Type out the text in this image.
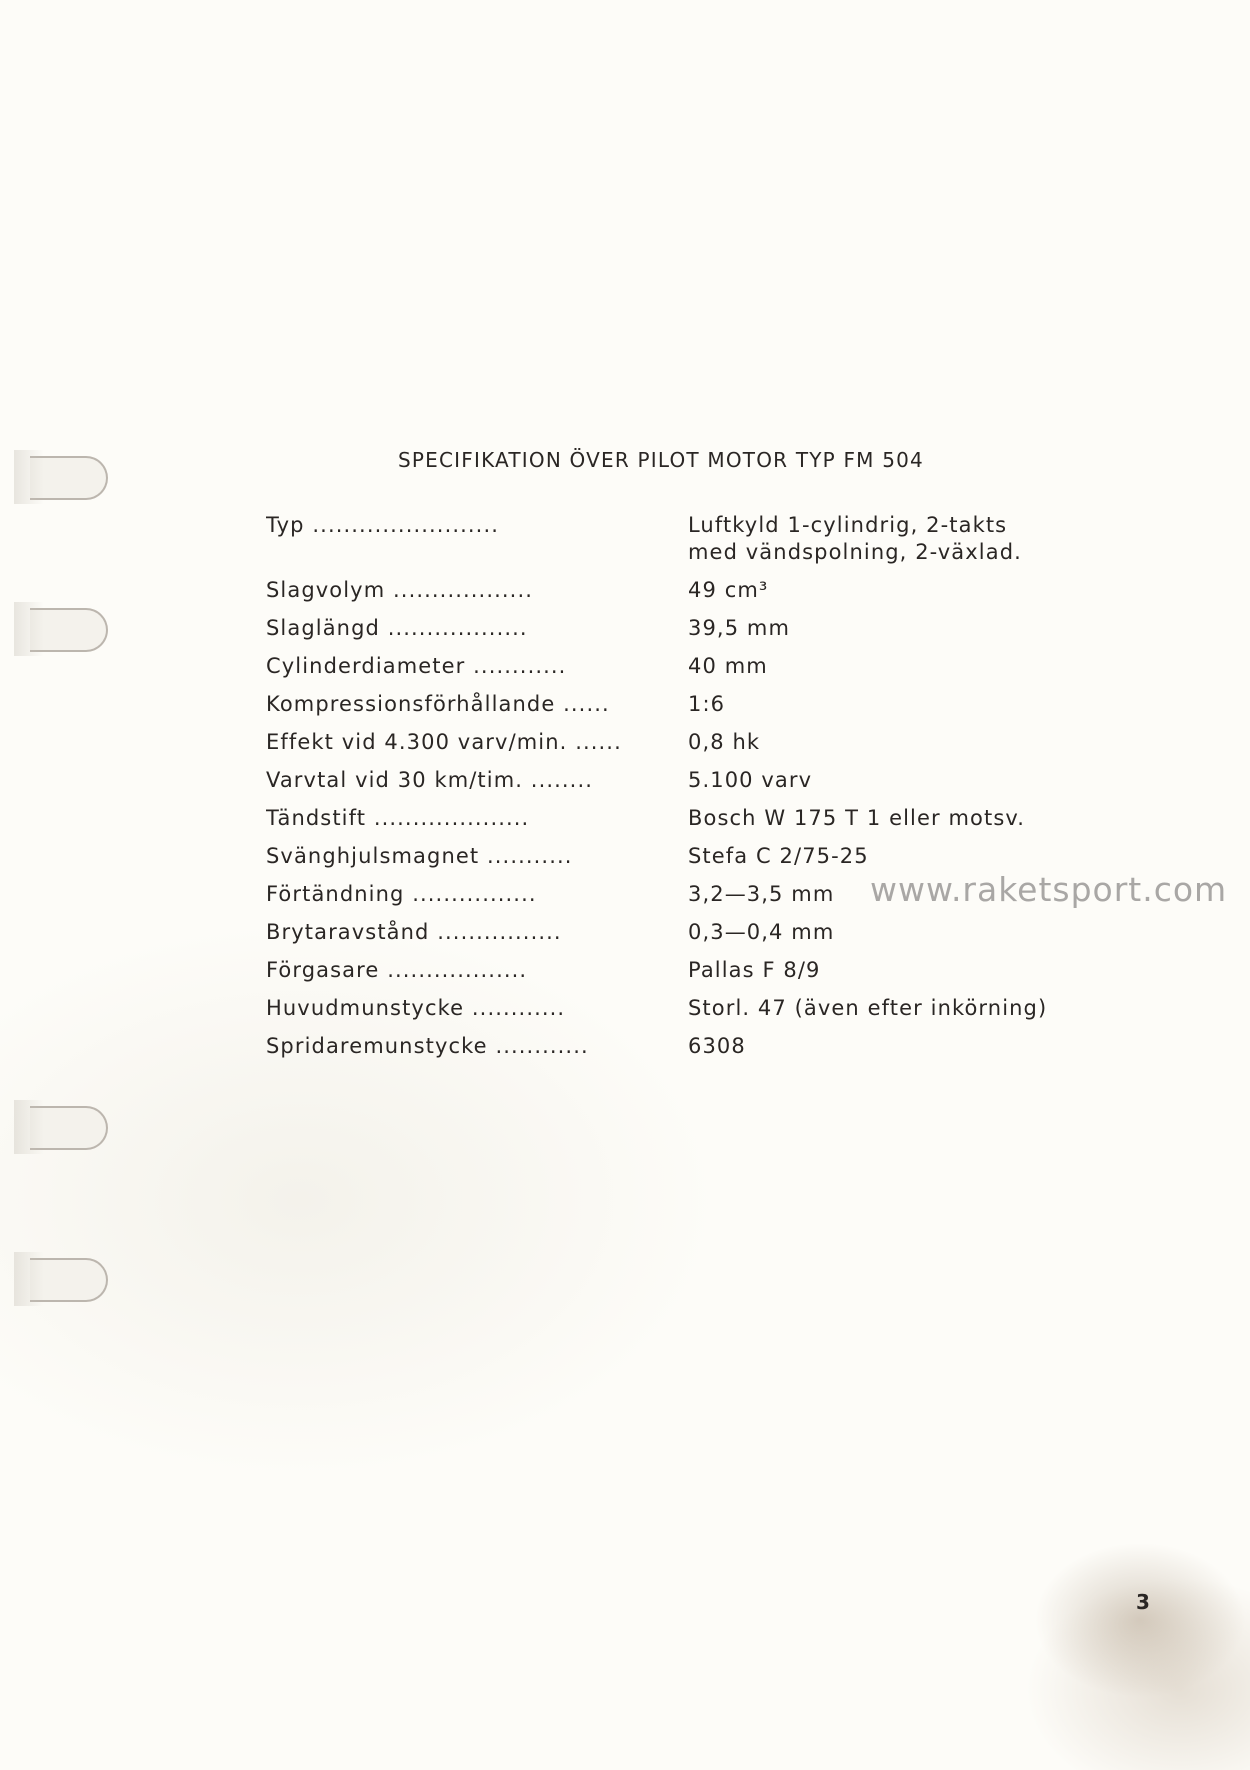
SPECIFIKATION ÖVER PILOT MOTOR TYP FM 504
Typ ........................	Luftkyld 1-cylindrig, 2-takts
med vändspolning, 2-växlad.
Slagvolym ..................	49 cm³
Slaglängd ..................	39,5 mm
Cylinderdiameter ............	40 mm
Kompressionsförhållande ......	1:6
Effekt vid 4.300 varv/min. ......	0,8 hk
Varvtal vid 30 km/tim. ........	5.100 varv
Tändstift ....................	Bosch W 175 T 1 eller motsv.
Svänghjulsmagnet ...........	Stefa C 2/75-25
Förtändning ................	3,2—3,5 mm
Brytaravstånd ................	0,3—0,4 mm
Förgasare ..................	Pallas F 8/9
Huvudmunstycke ............	Storl. 47 (även efter inkörning)
Spridaremunstycke ............	6308
www.raketsport.com
3
